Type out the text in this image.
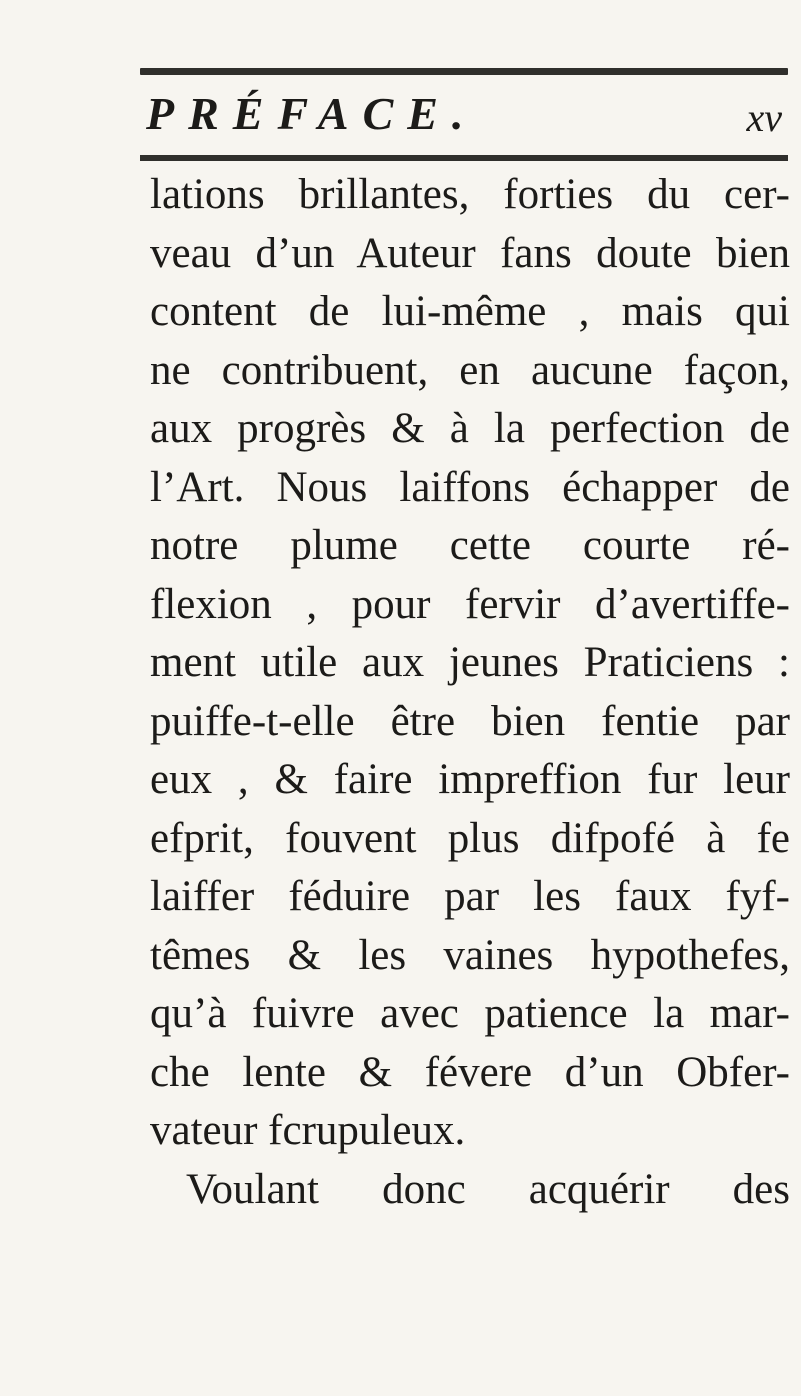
PRÉFACE.	xv
lations brillantes, forties du cer-
veau d’un Auteur fans doute bien
content de lui-même , mais qui
ne contribuent, en aucune façon,
aux progrès & à la perfection de
l’Art. Nous laiffons échapper de
notre plume cette courte ré-
flexion , pour fervir d’avertiffe-
ment utile aux jeunes Praticiens :
puiffe-t-elle être bien fentie par
eux , & faire impreffion fur leur
efprit, fouvent plus difpofé à fe
laiffer féduire par les faux fyf-
têmes & les vaines hypothefes,
qu’à fuivre avec patience la mar-
che lente & févere d’un Obfer-
vateur fcrupuleux.
Voulant donc acquérir des
